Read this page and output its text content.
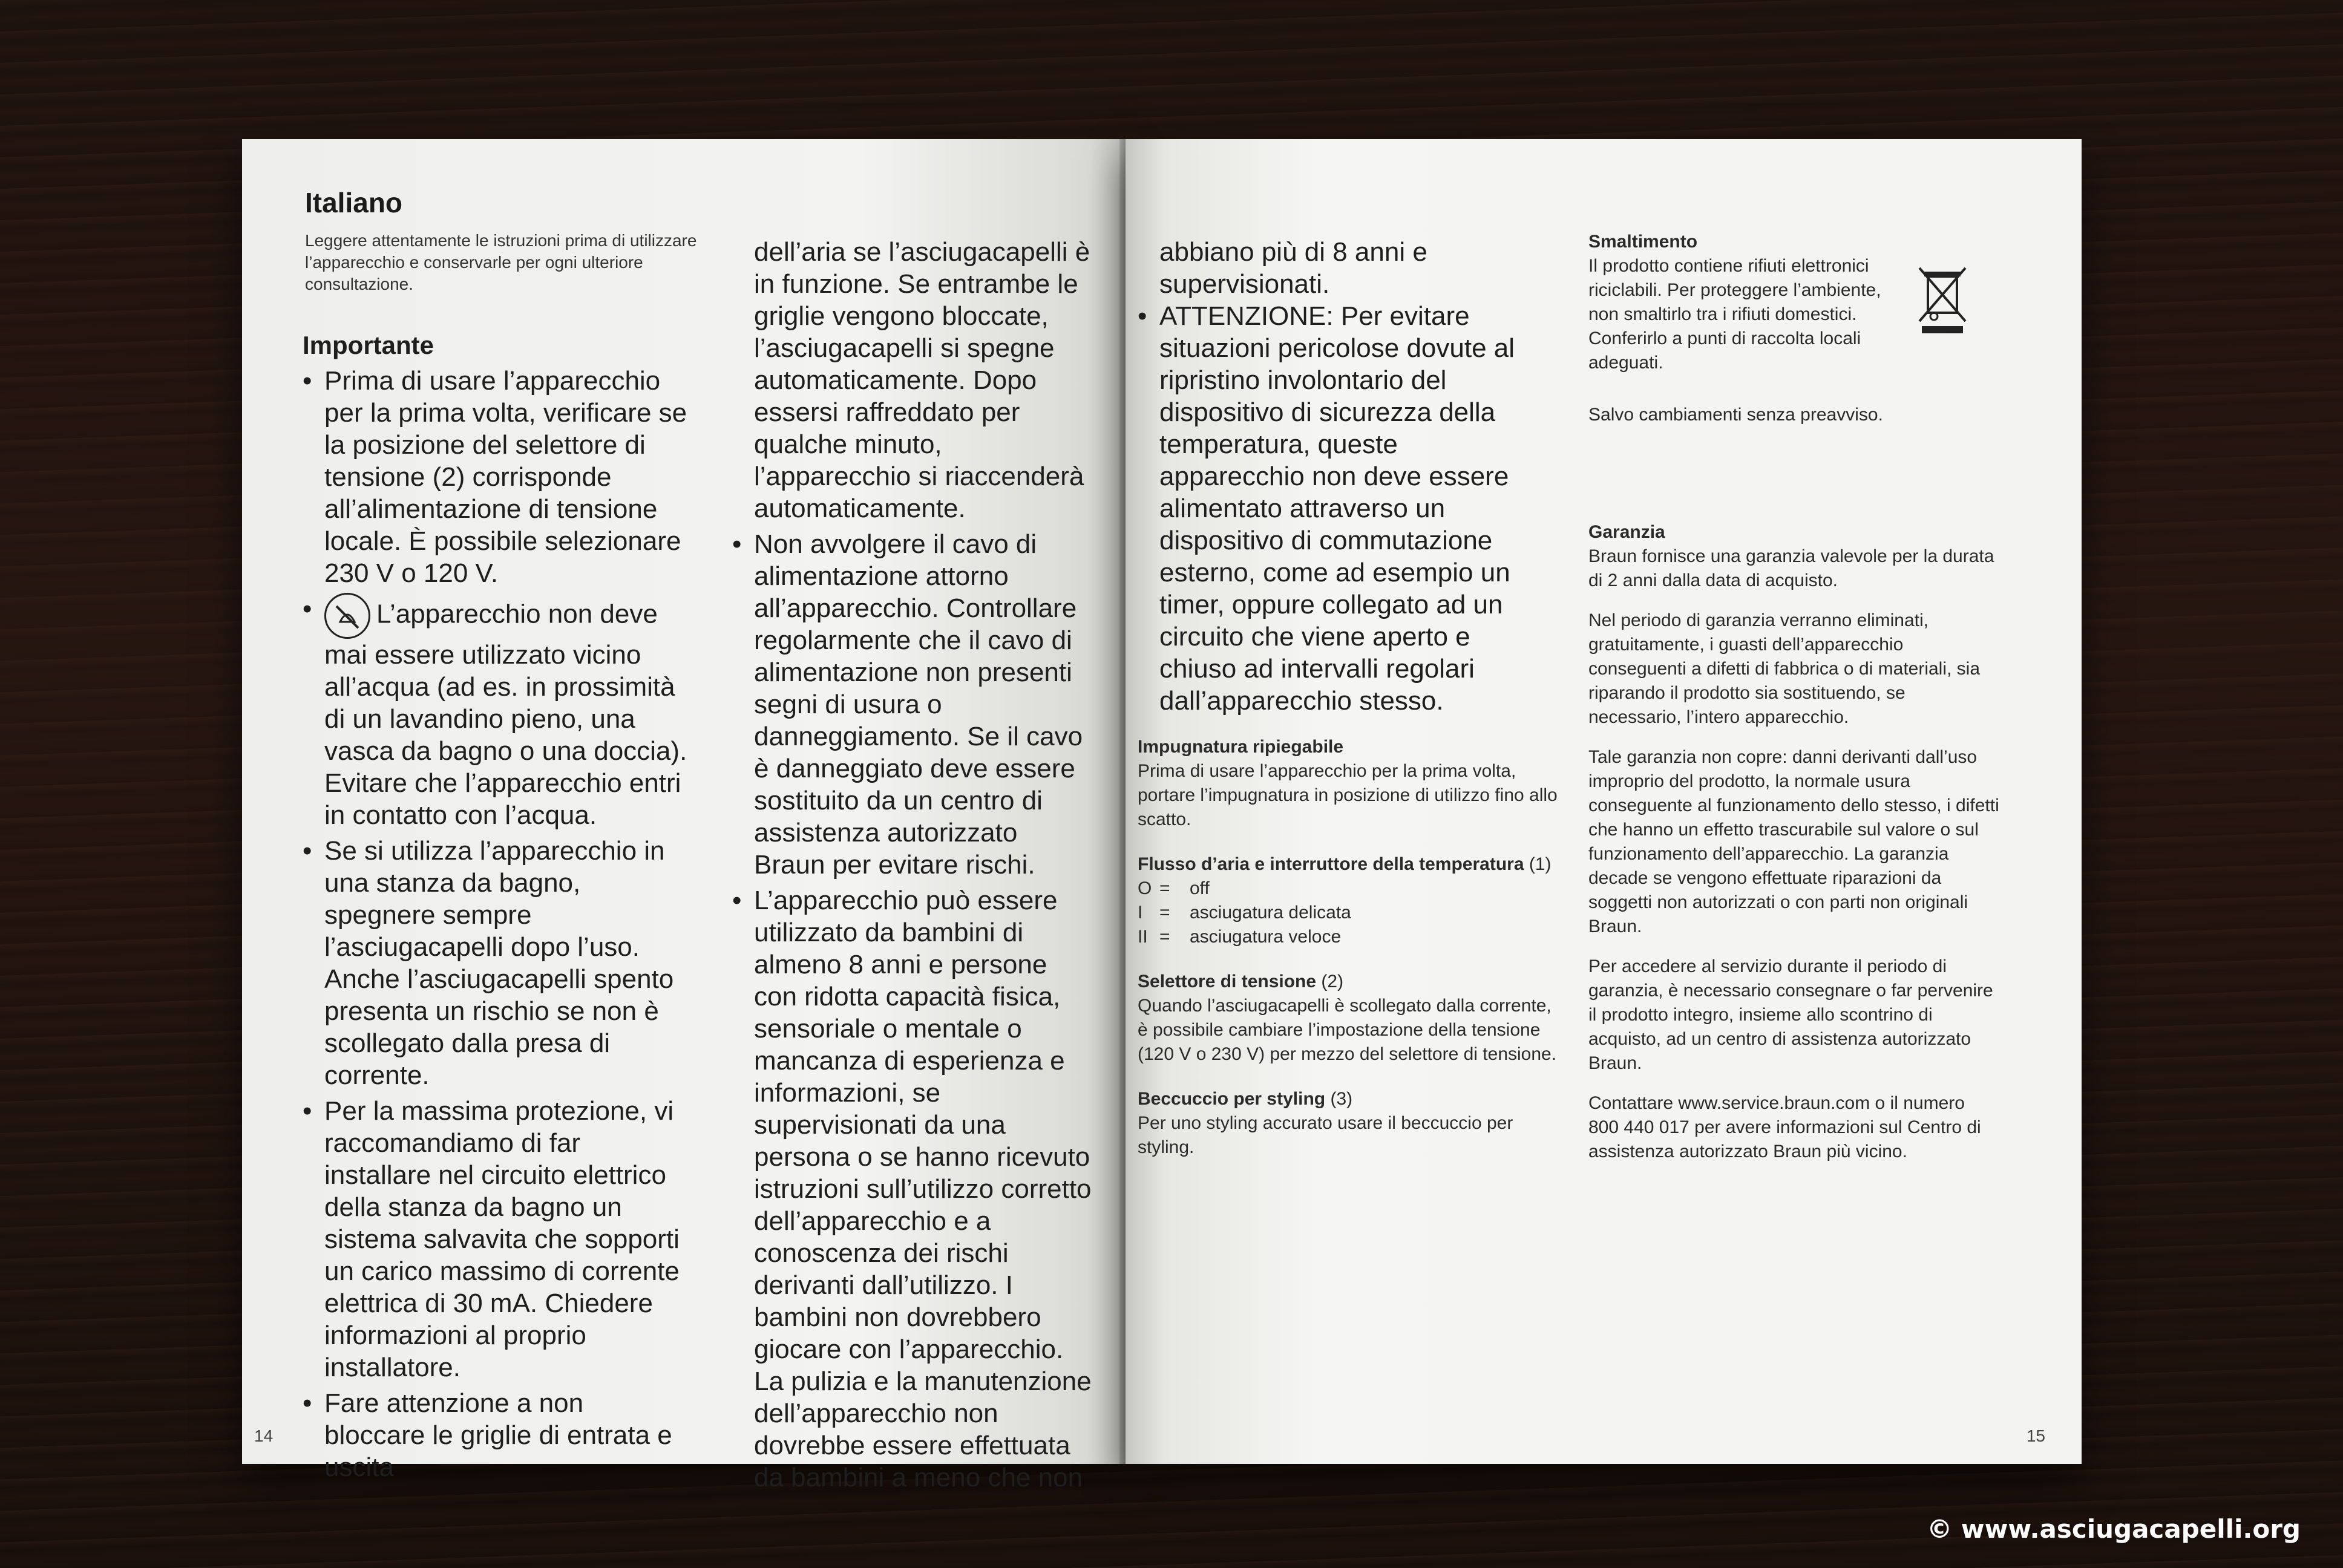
Italiano
Leggere attentamente le istruzioni prima di utilizzare l’apparecchio e conservarle per ogni ulteriore consultazione.
Importante
• Prima di usare l’apparecchio per la prima volta, verificare se la posizione del selettore di tensione (2) corrisponde all’alimentazione di tensione locale. È possibile selezionare 230 V o 120 V.
• L’apparecchio non deve mai essere utilizzato vicino all’acqua (ad es. in prossimità di un lavandino pieno, una vasca da bagno o una doccia). Evitare che l’apparecchio entri in contatto con l’acqua.
• Se si utilizza l’apparecchio in una stanza da bagno, spegnere sempre l’asciugacapelli dopo l’uso. Anche l’asciugacapelli spento presenta un rischio se non è scollegato dalla presa di corrente.
• Per la massima protezione, vi raccomandiamo di far installare nel circuito elettrico della stanza da bagno un sistema salvavita che sopporti un carico massimo di corrente elettrica di 30 mA. Chiedere informazioni al proprio installatore.
• Fare attenzione a non bloccare le griglie di entrata e uscita
dell’aria se l’asciugacapelli è in funzione. Se entrambe le griglie vengono bloccate, l’asciugacapelli si spegne automaticamente. Dopo essersi raffreddato per qualche minuto, l’apparecchio si riaccenderà automaticamente.
• Non avvolgere il cavo di alimentazione attorno all’apparecchio. Controllare regolarmente che il cavo di alimentazione non presenti segni di usura o danneggiamento. Se il cavo è danneggiato deve essere sostituito da un centro di assistenza autorizzato Braun per evitare rischi.
• L’apparecchio può essere utilizzato da bambini di almeno 8 anni e persone con ridotta capacità fisica, sensoriale o mentale o mancanza di esperienza e informazioni, se supervisionati da una persona o se hanno ricevuto istruzioni sull’utilizzo corretto dell’apparecchio e a conoscenza dei rischi derivanti dall’utilizzo. I bambini non dovrebbero giocare con l’apparecchio. La pulizia e la manutenzione dell’apparecchio non dovrebbe essere effettuata da bambini a meno che non
14
abbiano più di 8 anni e supervisionati.
• ATTENZIONE: Per evitare situazioni pericolose dovute al ripristino involontario del dispositivo di sicurezza della temperatura, queste apparecchio non deve essere alimentato attraverso un dispositivo di commutazione esterno, come ad esempio un timer, oppure collegato ad un circuito che viene aperto e chiuso ad intervalli regolari dall’apparecchio stesso.
Impugnatura ripiegabile
Prima di usare l’apparecchio per la prima volta, portare l’impugnatura in posizione di utilizzo fino allo scatto.
Flusso d’aria e interruttore della temperatura (1)
O = off
I = asciugatura delicata
II = asciugatura veloce
Selettore di tensione (2)
Quando l’asciugacapelli è scollegato dalla corrente, è possibile cambiare l’impostazione della tensione (120 V o 230 V) per mezzo del selettore di tensione.
Beccuccio per styling (3)
Per uno styling accurato usare il beccuccio per styling.
Smaltimento
Il prodotto contiene rifiuti elettronici riciclabili. Per proteggere l’ambiente, non smaltirlo tra i rifiuti domestici. Conferirlo a punti di raccolta locali adeguati.
Salvo cambiamenti senza preavviso.
Garanzia
Braun fornisce una garanzia valevole per la durata di 2 anni dalla data di acquisto.
Nel periodo di garanzia verranno eliminati, gratuitamente, i guasti dell’apparecchio conseguenti a difetti di fabbrica o di materiali, sia riparando il prodotto sia sostituendo, se necessario, l’intero apparecchio.
Tale garanzia non copre: danni derivanti dall’uso improprio del prodotto, la normale usura conseguente al funzionamento dello stesso, i difetti che hanno un effetto trascurabile sul valore o sul funzionamento dell’apparecchio. La garanzia decade se vengono effettuate riparazioni da soggetti non autorizzati o con parti non originali Braun.
Per accedere al servizio durante il periodo di garanzia, è necessario consegnare o far pervenire il prodotto integro, insieme allo scontrino di acquisto, ad un centro di assistenza autorizzato Braun.
Contattare www.service.braun.com o il numero 800 440 017 per avere informazioni sul Centro di assistenza autorizzato Braun più vicino.
15
© www.asciugacapelli.org
